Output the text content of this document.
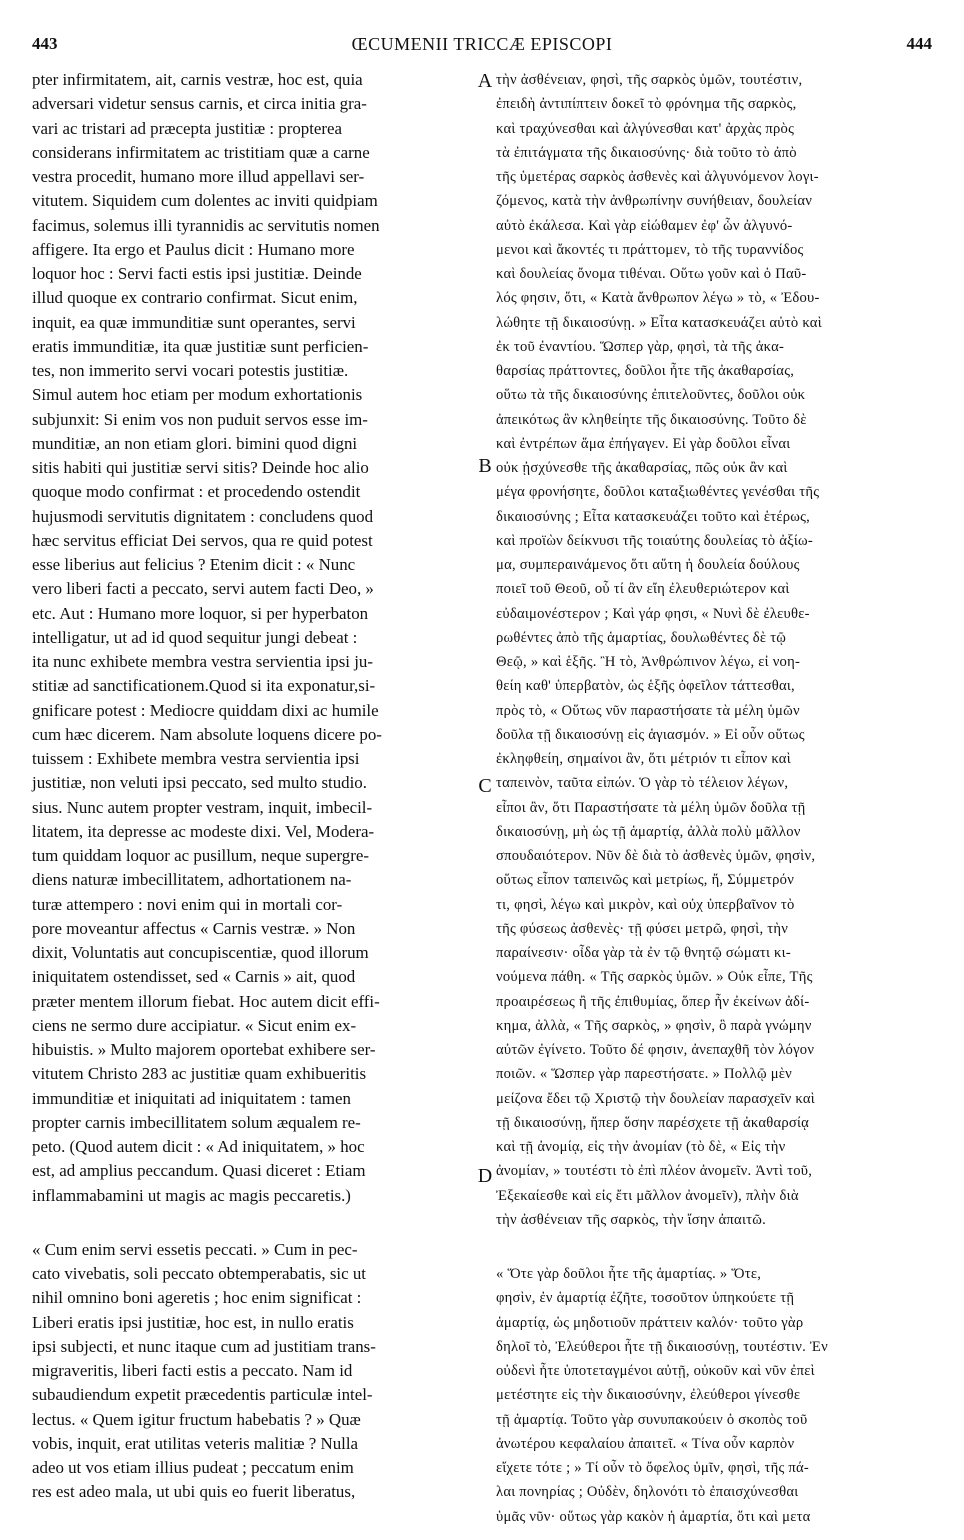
443	ŒCUMENII TRICCÆ EPISCOPI	444
pter infirmitatem, ait, carnis vestræ, hoc est, quia
adversari videtur sensus carnis, et circa initia gra-
vari ac tristari ad præcepta justitiæ : propterea
considerans infirmitatem ac tristitiam quæ a carne
vestra procedit, humano more illud appellavi ser-
vitutem. Siquidem cum dolentes ac inviti quidpiam
facimus, solemus illi tyrannidis ac servitutis nomen
affigere. Ita ergo et Paulus dicit : Humano more
loquor hoc : Servi facti estis ipsi justitiæ. Deinde
illud quoque ex contrario confirmat. Sicut enim,
inquit, ea quæ immunditiæ sunt operantes, servi
eratis immunditiæ, ita quæ justitiæ sunt perficien-
tes, non immerito servi vocari potestis justitiæ.
Simul autem hoc etiam per modum exhortationis
subjunxit: Si enim vos non puduit servos esse im-
munditiæ, an non etiam glori. bimini quod digni
sitis habiti qui justitiæ servi sitis? Deinde hoc alio
quoque modo confirmat : et procedendo ostendit
hujusmodi servitutis dignitatem : concludens quod
hæc servitus efficiat Dei servos, qua re quid potest
esse liberius aut felicius ? Etenim dicit : « Nunc
vero liberi facti a peccato, servi autem facti Deo, »
etc. Aut : Humano more loquor, si per hyperbaton
intelligatur, ut ad id quod sequitur jungi debeat :
ita nunc exhibete membra vestra servientia ipsi ju-
stitiæ ad sanctificationem.Quod si ita exponatur,si-
gnificare potest : Mediocre quiddam dixi ac humile
cum hæc dicerem. Nam absolute loquens dicere po-
tuissem : Exhibete membra vestra servientia ipsi
justitiæ, non veluti ipsi peccato, sed multo studio.
sius. Nunc autem propter vestram, inquit, imbecil-
litatem, ita depresse ac modeste dixi. Vel, Modera-
tum quiddam loquor ac pusillum, neque supergre-
diens naturæ imbecillitatem, adhortationem na-
turæ attempero : novi enim qui in mortali cor-
pore moveantur affectus « Carnis vestræ. » Non
dixit, Voluntatis aut concupiscentiæ, quod illorum
iniquitatem ostendisset, sed « Carnis » ait, quod
præter mentem illorum fiebat. Hoc autem dicit effi-
ciens ne sermo dure accipiatur. « Sicut enim ex-
hibuistis. » Multo majorem oportebat exhibere ser-
vitutem Christo 283 ac justitiæ quam exhibueritis
immunditiæ et iniquitati ad iniquitatem : tamen
propter carnis imbecillitatem solum æqualem re-
peto. (Quod autem dicit : « Ad iniquitatem, » hoc
est, ad amplius peccandum. Quasi diceret : Etiam
inflammabamini ut magis ac magis peccaretis.)
« Cum enim servi essetis peccati. » Cum in pec-
cato vivebatis, soli peccato obtemperabatis, sic ut
nihil omnino boni ageretis ; hoc enim significat :
Liberi eratis ipsi justitiæ, hoc est, in nullo eratis
ipsi subjecti, et nunc itaque cum ad justitiam trans-
migraveritis, liberi facti estis a peccato. Nam id
subaudiendum expetit præcedentis particulæ intel-
lectus. « Quem igitur fructum habebatis ? » Quæ
vobis, inquit, erat utilitas veteris malitiæ ? Nulla
adeo ut vos etiam illius pudeat ; peccatum enim
res est adeo mala, ut ubi quis eo fuerit liberatus,
τὴν ἀσθένειαν, φησὶ, τῆς σαρκὸς ὑμῶν, τουτέστιν,
ἐπειδὴ ἀντιπίπτειν δοκεῖ τὸ φρόνημα τῆς σαρκὸς,
καὶ τραχύνεσθαι καὶ ἀλγύνεσθαι κατ' ἀρχὰς πρὸς
τὰ ἐπιτάγματα τῆς δικαιοσύνης· διὰ τοῦτο τὸ ἀπὸ
τῆς ὑμετέρας σαρκὸς ἀσθενὲς καὶ ἀλγυνόμενον λογι-
ζόμενος, κατὰ τὴν ἀνθρωπίνην συνήθειαν, δουλείαν
αὐτὸ ἐκάλεσα. Καὶ γὰρ εἰώθαμεν ἐφ' ὧν ἀλγυνό-
μενοι καὶ ἄκοντές τι πράττομεν, τὸ τῆς τυραννίδος
καὶ δουλείας ὄνομα τιθέναι. Οὕτω γοῦν καὶ ὁ Παῦ-
λός φησιν, ὅτι, « Κατὰ ἄνθρωπον λέγω » τὸ, « Ἐδου-
λώθητε τῇ δικαιοσύνῃ. » Εἶτα κατασκευάζει αὐτὸ καὶ
ἐκ τοῦ ἐναντίου. Ὥσπερ γὰρ, φησὶ, τὰ τῆς ἀκα-
θαρσίας πράττοντες, δοῦλοι ἦτε τῆς ἀκαθαρσίας,
οὕτω τὰ τῆς δικαιοσύνης ἐπιτελοῦντες, δοῦλοι οὐκ
ἀπεικότως ἂν κληθείητε τῆς δικαιοσύνης. Τοῦτο δὲ
καὶ ἐντρέπων ἅμα ἐπήγαγεν. Εἰ γὰρ δοῦλοι εἶναι
οὐκ ᾐσχύνεσθε τῆς ἀκαθαρσίας, πῶς οὐκ ἂν καὶ
μέγα φρονήσητε, δοῦλοι καταξιωθέντες γενέσθαι τῆς
δικαιοσύνης ; Εἶτα κατασκευάζει τοῦτο καὶ ἑτέρως,
καὶ προϊὼν δείκνυσι τῆς τοιαύτης δουλείας τὸ ἀξίω-
μα, συμπεραινάμενος ὅτι αὕτη ἡ δουλεία δούλους
ποιεῖ τοῦ Θεοῦ, οὗ τί ἂν εἴη ἐλευθεριώτερον καὶ
εὐδαιμονέστερον ; Καὶ γάρ φησι, « Νυνὶ δὲ ἐλευθε-
ρωθέντες ἀπὸ τῆς ἁμαρτίας, δουλωθέντες δὲ τῷ
Θεῷ, » καὶ ἑξῆς. Ἢ τὸ, Ἀνθρώπινον λέγω, εἰ νοη-
θείη καθ' ὑπερβατὸν, ὡς ἑξῆς ὀφεῖλον τάττεσθαι,
πρὸς τὸ, « Οὕτως νῦν παραστήσατε τὰ μέλη ὑμῶν
δοῦλα τῇ δικαιοσύνῃ εἰς ἁγιασμόν. » Εἰ οὖν οὕτως
ἐκληφθείη, σημαίνοι ἂν, ὅτι μέτριόν τι εἶπον καὶ
ταπεινὸν, ταῦτα εἰπών. Ὁ γὰρ τὸ τέλειον λέγων,
εἶποι ἂν, ὅτι Παραστήσατε τὰ μέλη ὑμῶν δοῦλα τῇ
δικαιοσύνῃ, μὴ ὡς τῇ ἁμαρτίᾳ, ἀλλὰ πολὺ μᾶλλον
σπουδαιότερον. Νῦν δὲ διὰ τὸ ἀσθενὲς ὑμῶν, φησὶν,
οὕτως εἶπον ταπεινῶς καὶ μετρίως, ἤ, Σύμμετρόν
τι, φησὶ, λέγω καὶ μικρὸν, καὶ οὐχ ὑπερβαῖνον τὸ
τῆς φύσεως ἀσθενὲς· τῇ φύσει μετρῶ, φησὶ, τὴν
παραίνεσιν· οἶδα γὰρ τὰ ἐν τῷ θνητῷ σώματι κι-
νούμενα πάθη. « Τῆς σαρκὸς ὑμῶν. » Οὐκ εἶπε, Τῆς
προαιρέσεως ἢ τῆς ἐπιθυμίας, ὅπερ ἦν ἐκείνων ἀδί-
κημα, ἀλλὰ, « Τῆς σαρκὸς, » φησὶν, ὃ παρὰ γνώμην
αὐτῶν ἐγίνετο. Τοῦτο δέ φησιν, ἀνεπαχθῆ τὸν λόγον
ποιῶν. « Ὥσπερ γὰρ παρεστήσατε. » Πολλῷ μὲν
μείζονα ἔδει τῷ Χριστῷ τὴν δουλείαν παρασχεῖν καὶ
τῇ δικαιοσύνῃ, ἤπερ ὅσην παρέσχετε τῇ ἀκαθαρσίᾳ
καὶ τῇ ἀνομίᾳ, εἰς τὴν ἀνομίαν (τὸ δὲ, « Εἰς τὴν
ἀνομίαν, » τουτέστι τὸ ἐπὶ πλέον ἀνομεῖν. Ἀντὶ τοῦ,
Ἐξεκαίεσθε καὶ εἰς ἔτι μᾶλλον ἀνομεῖν), πλὴν διὰ
τὴν ἀσθένειαν τῆς σαρκὸς, τὴν ἴσην ἀπαιτῶ.
« Ὅτε γὰρ δοῦλοι ἦτε τῆς ἁμαρτίας. » Ὅτε,
φησὶν, ἐν ἁμαρτίᾳ ἐζῆτε, τοσοῦτον ὑπηκούετε τῇ
ἁμαρτίᾳ, ὡς μηδοτιοῦν πράττειν καλόν· τοῦτο γὰρ
δηλοῖ τὸ, Ἐλεύθεροι ἦτε τῇ δικαιοσύνῃ, τουτέστιν. Ἐν
οὐδενὶ ἦτε ὑποτεταγμένοι αὐτῇ, οὐκοῦν καὶ νῦν ἐπεὶ
μετέστητε εἰς τὴν δικαιοσύνην, ἐλεύθεροι γίνεσθε
τῇ ἁμαρτίᾳ. Τοῦτο γὰρ συνυπακούειν ὁ σκοπὸς τοῦ
ἀνωτέρου κεφαλαίου ἀπαιτεῖ. « Τίνα οὖν καρπὸν
εἴχετε τότε ; » Τί οὖν τὸ ὄφελος ὑμῖν, φησὶ, τῆς πά-
λαι πονηρίας ; Οὐδὲν, δηλονότι τὸ ἐπαισχύνεσθαι
ὑμᾶς νῦν· οὕτως γὰρ κακὸν ἡ ἁμαρτία, ὅτι καὶ μετα
A
B
C
D
